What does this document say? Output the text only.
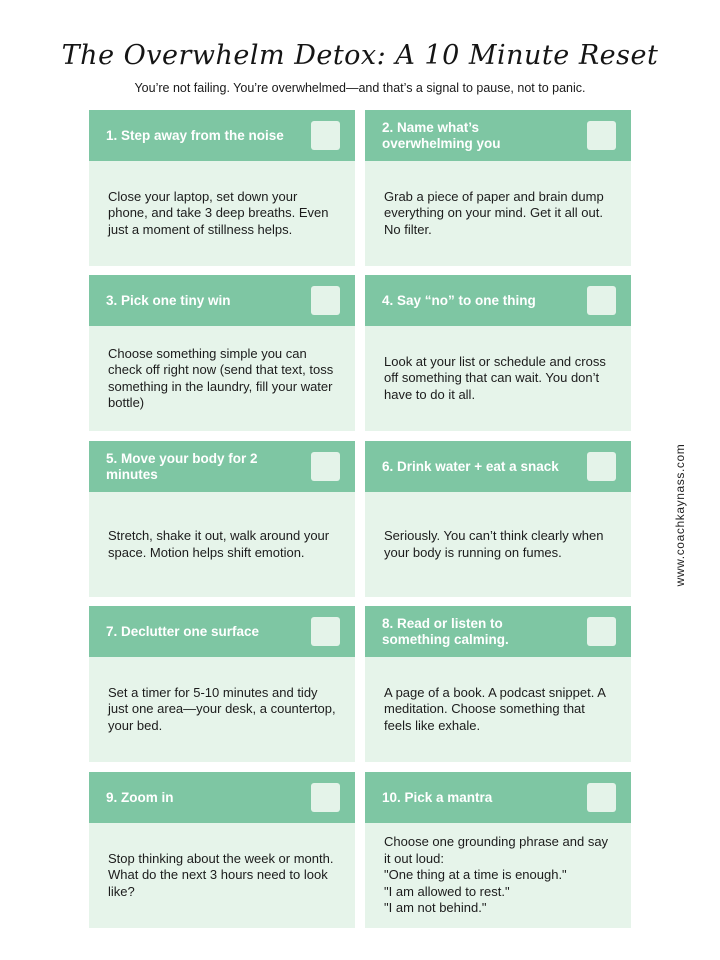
The Overwhelm Detox: A 10 Minute Reset
You’re not failing. You’re overwhelmed—and that’s a signal to pause, not to panic.
1. Step away from the noise
Close your laptop, set down your phone, and take 3 deep breaths. Even just a moment of stillness helps.
2. Name what’s overwhelming you
Grab a piece of paper and brain dump everything on your mind. Get it all out. No filter.
3. Pick one tiny win
Choose something simple you can check off right now (send that text, toss something in the laundry, fill your water bottle)
4. Say “no” to one thing
Look at your list or schedule and cross off something that can wait. You don’t have to do it all.
5. Move your body for 2 minutes
Stretch, shake it out, walk around your space. Motion helps shift emotion.
6. Drink water + eat a snack
Seriously. You can’t think clearly when your body is running on fumes.
7. Declutter one surface
Set a timer for 5-10 minutes and tidy just one area—your desk, a countertop, your bed.
8. Read or listen to something calming.
A page of a book. A podcast snippet. A meditation. Choose something that feels like exhale.
9. Zoom in
Stop thinking about the week or month. What do the next 3 hours need to look like?
10. Pick a mantra
Choose one grounding phrase and say it out loud:
"One thing at a time is enough."
"I am allowed to rest."
"I am not behind."
www.coachkaynass.com
